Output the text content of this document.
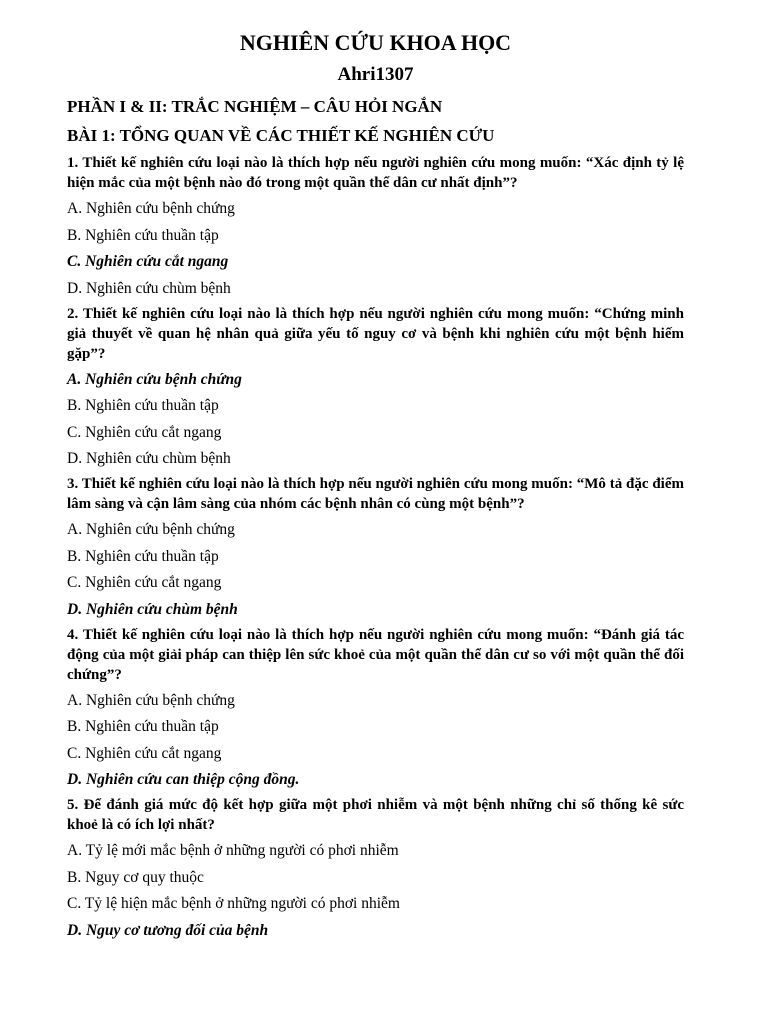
NGHIÊN CỨU KHOA HỌC
Ahri1307
PHẦN I & II: TRẮC NGHIỆM – CÂU HỎI NGẮN
BÀI 1: TỔNG QUAN VỀ CÁC THIẾT KẾ NGHIÊN CỨU

1. Thiết kế nghiên cứu loại nào là thích hợp nếu người nghiên cứu mong muốn: “Xác định tỷ lệ hiện mắc của một bệnh nào đó trong một quần thể dân cư nhất định”?

A. Nghiên cứu bệnh chứng
B. Nghiên cứu thuần tập
C. Nghiên cứu cắt ngang
D. Nghiên cứu chùm bệnh

2. Thiết kế nghiên cứu loại nào là thích hợp nếu người nghiên cứu mong muốn: “Chứng minh giả thuyết về quan hệ nhân quả giữa yếu tố nguy cơ và bệnh khi nghiên cứu một bệnh hiếm gặp”?

A. Nghiên cứu bệnh chứng
B. Nghiên cứu thuần tập
C. Nghiên cứu cắt ngang
D. Nghiên cứu chùm bệnh

3. Thiết kế nghiên cứu loại nào là thích hợp nếu người nghiên cứu mong muốn: “Mô tả đặc điểm lâm sàng và cận lâm sàng của nhóm các bệnh nhân có cùng một bệnh”?

A. Nghiên cứu bệnh chứng
B. Nghiên cứu thuần tập
C. Nghiên cứu cắt ngang
D. Nghiên cứu chùm bệnh

4. Thiết kế nghiên cứu loại nào là thích hợp nếu người nghiên cứu mong muốn: “Đánh giá tác động của một giải pháp can thiệp lên sức khoẻ của một quần thể dân cư so với một quần thể đối chứng”?

A. Nghiên cứu bệnh chứng
B. Nghiên cứu thuần tập
C. Nghiên cứu cắt ngang
D. Nghiên cứu can thiệp cộng đồng.

5. Để đánh giá mức độ kết hợp giữa một phơi nhiễm và một bệnh những chỉ số thống kê sức khoẻ là có ích lợi nhất?

A. Tỷ lệ mới mắc bệnh ở những người có phơi nhiễm
B. Nguy cơ quy thuộc
C. Tỷ lệ hiện mắc bệnh ở những người có phơi nhiễm
D. Nguy cơ tương đối của bệnh
